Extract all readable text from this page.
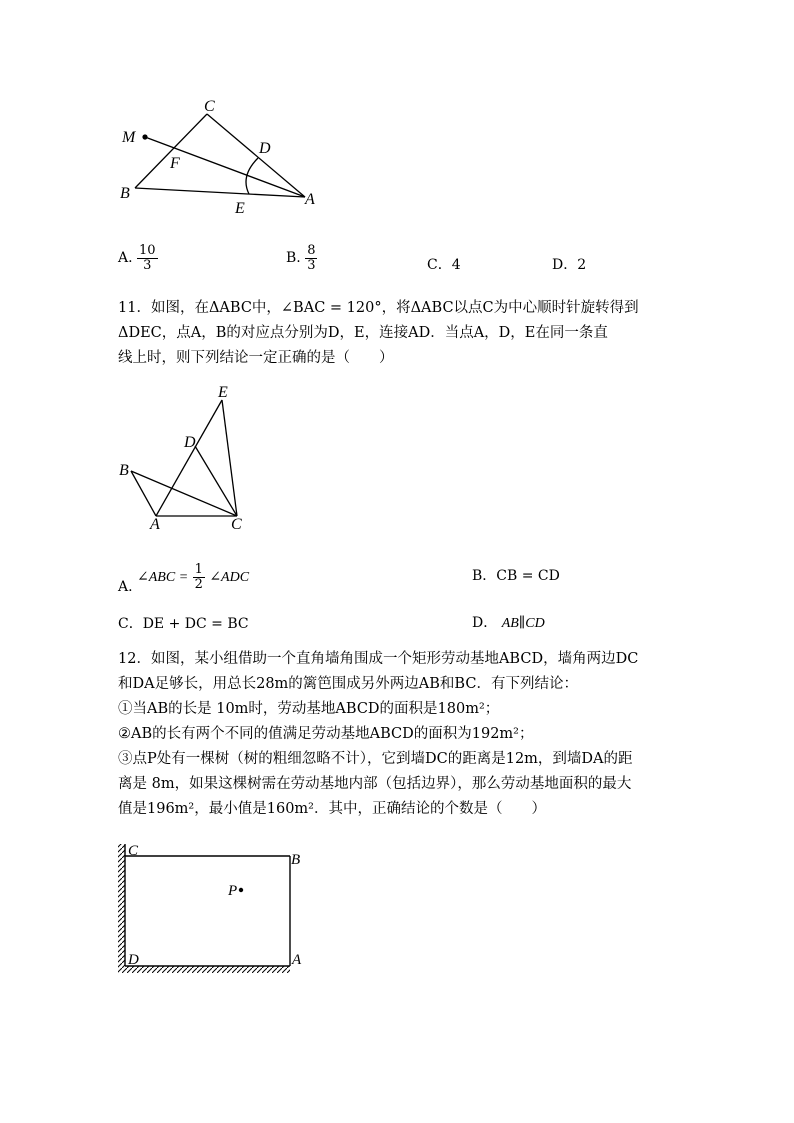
C
M
D
F
B
E
A
A. $\frac{10}{3}$	B. $\frac{8}{3}$	C．4	D．2
11．如图，在ΔABC中，∠BAC = 120°，将ΔABC以点C为中心顺时针旋转得到
ΔDEC，点A，B的对应点分别为D，E，连接AD．当点A，D，E在同一条直
线上时，则下列结论一定正确的是（　　）
E
D
B
A	C
A. ∠ABC = $\frac{1}{2}$ ∠ADC	B．CB = CD
C．DE + DC = BC	D． AB∥CD
12．如图，某小组借助一个直角墙角围成一个矩形劳动基地ABCD，墙角两边DC
和DA足够长，用总长28m的篱笆围成另外两边AB和BC．有下列结论：
①当AB的长是 10m时，劳动基地ABCD的面积是180m²；
②AB的长有两个不同的值满足劳动基地ABCD的面积为192m²；
③点P处有一棵树（树的粗细忽略不计），它到墙DC的距离是12m，到墙DA的距
离是 8m，如果这棵树需在劳动基地内部（包括边界），那么劳动基地面积的最大
值是196m²，最小值是160m²．其中，正确结论的个数是（　　）
C
B
P
D	A
